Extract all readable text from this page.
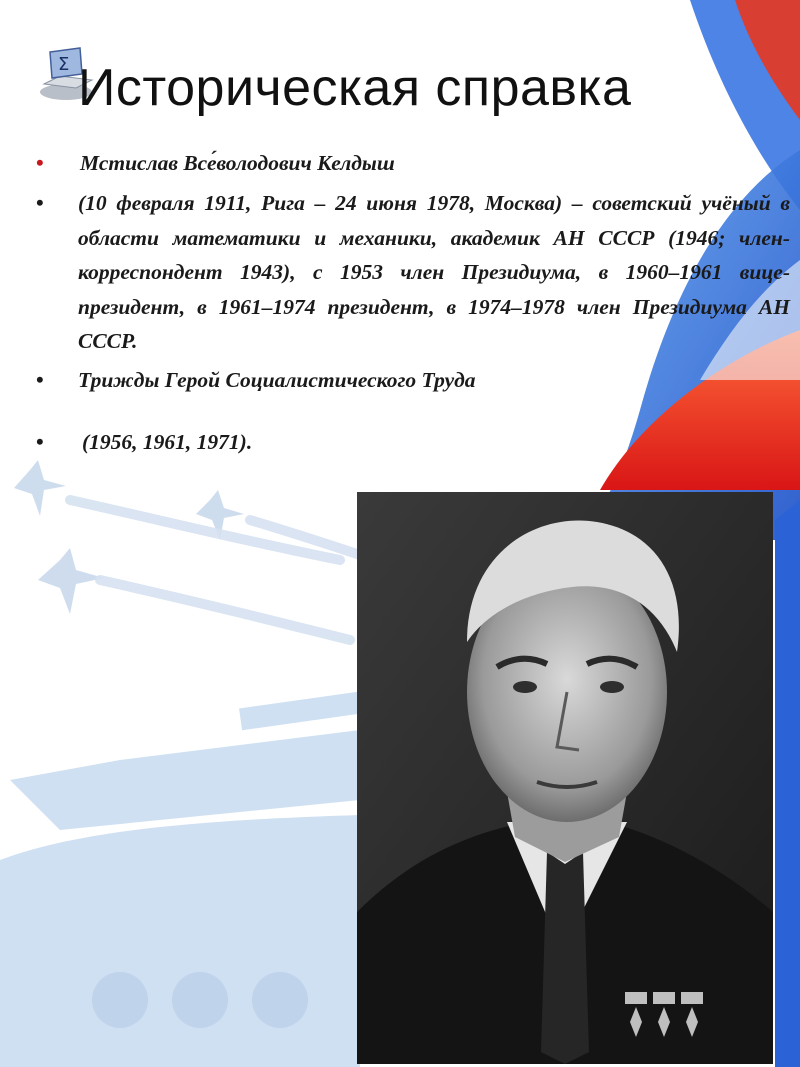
Σ Историческая справка
• Мстислав Все́володович Келдыш
• (10 февраля 1911, Рига – 24 июня 1978, Москва) – советский учёный в области математики и механики, академик АН СССР (1946; член-корреспондент 1943), с 1953 член Президиума, в 1960–1961 вице-президент, в 1961–1974 президент, в 1974–1978 член Президиума АН СССР.
• Трижды Герой Социалистического Труда
• (1956, 1961, 1971).
